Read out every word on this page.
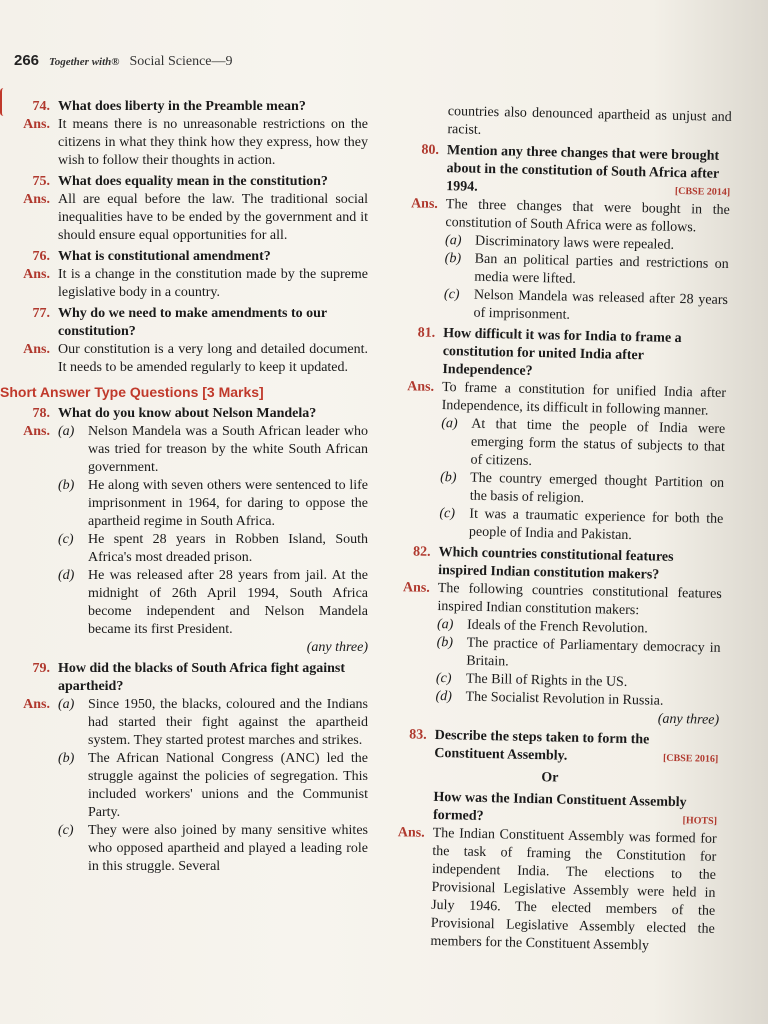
266 Together with® Social Science—9
74. What does liberty in the Preamble mean?
Ans. It means there is no unreasonable restrictions on the citizens in what they think how they express, how they wish to follow their thoughts in action.
75. What does equality mean in the constitution?
Ans. All are equal before the law. The traditional social inequalities have to be ended by the government and it should ensure equal opportunities for all.
76. What is constitutional amendment?
Ans. It is a change in the constitution made by the supreme legislative body in a country.
77. Why do we need to make amendments to our constitution?
Ans. Our constitution is a very long and detailed document. It needs to be amended regularly to keep it updated.
Short Answer Type Questions [3 Marks]
78. What do you know about Nelson Mandela?
Ans. (a) Nelson Mandela was a South African leader who was tried for treason by the white South African government.
(b) He along with seven others were sentenced to life imprisonment in 1964, for daring to oppose the apartheid regime in South Africa.
(c)	He spent 28 years in Robben Island, South Africa's most dreaded prison.
(d) He was released after 28 years from jail. At the midnight of 26th April 1994, South Africa become independent and Nelson Mandela became its first President.
(any three)
79. How did the blacks of South Africa fight against apartheid?
Ans. (a) Since 1950, the blacks, coloured and the Indians had started their fight against the apartheid system. They started protest marches and strikes.
(b) The African National Congress (ANC) led the struggle against the policies of segregation. This included workers' unions and the Communist Party.
(c)	They were also joined by many sensitive whites who opposed apartheid and played a leading role in this struggle. Several
countries also denounced apartheid as unjust and racist.
80. Mention any three changes that were brought about in the constitution of South Africa after 1994.	[CBSE 2014]
Ans. The three changes that were bought in the constitution of South Africa were as follows.
(a) Discriminatory laws were repealed.
(b) Ban an political parties and restrictions on media were lifted.
(c)	Nelson Mandela was released after 28 years of imprisonment.
81. How difficult it was for India to frame a constitution for united India after Independence?
Ans. To frame a constitution for unified India after Independence, its difficult in following manner.
(a) At that time the people of India were emerging form the status of subjects to that of citizens.
(b) The country emerged thought Partition on the basis of religion.
(c)	It was a traumatic experience for both the people of India and Pakistan.
82. Which countries constitutional features inspired Indian constitution makers?
Ans. The following countries constitutional features inspired Indian constitution makers:
(a) Ideals of the French Revolution.
(b) The practice of Parliamentary democracy in Britain.
(c)	The Bill of Rights in the US.
(d) The Socialist Revolution in Russia.
(any three)
83. Describe the steps taken to form the Constituent Assembly.	[CBSE 2016]
Or
How was the Indian Constituent Assembly formed?	[HOTS]
Ans. The Indian Constituent Assembly was formed for the task of framing the Constitution for independent India. The elections to the Provisional Legislative Assembly were held in July 1946. The elected members of the Provisional Legislative Assembly elected the members for the Constituent Assembly
